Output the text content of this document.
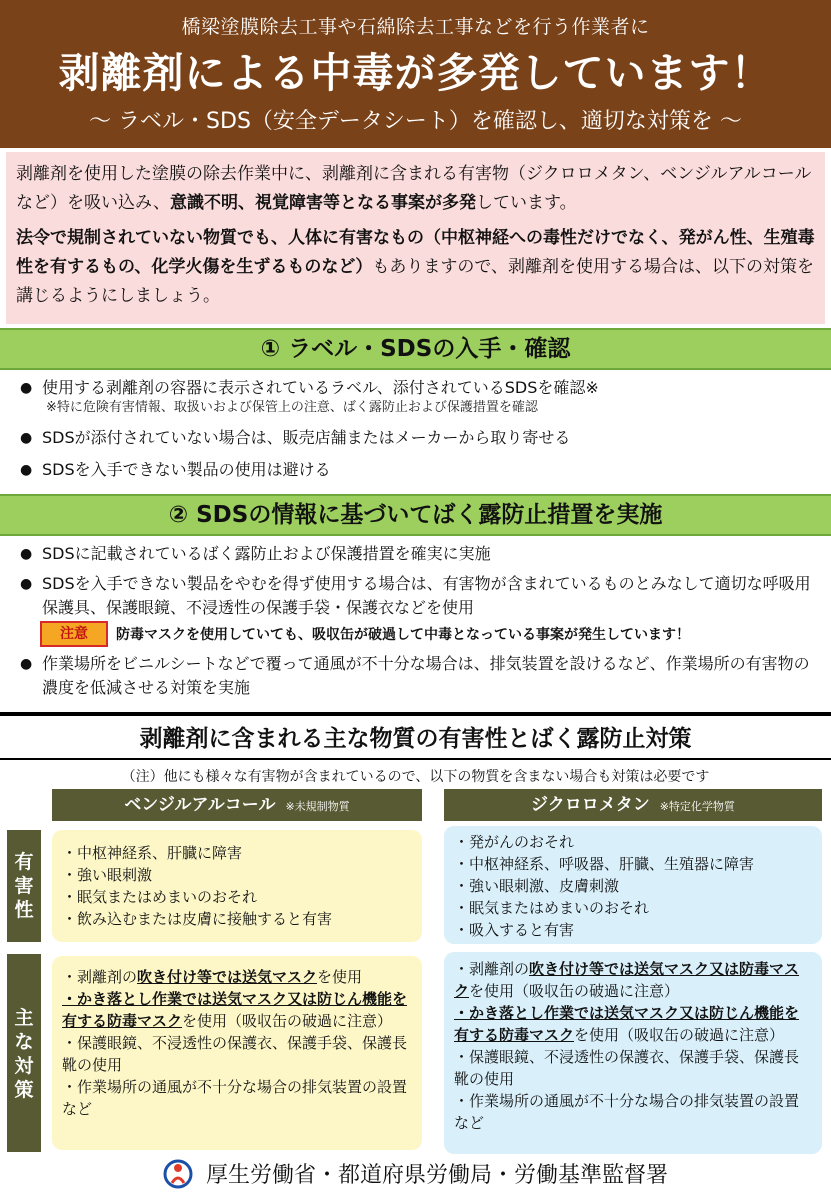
橋梁塗膜除去工事や石綿除去工事などを行う作業者に
剥離剤による中毒が多発しています！
～ ラベル・SDS（安全データシート）を確認し、適切な対策を ～

剥離剤を使用した塗膜の除去作業中に、剥離剤に含まれる有害物（ジクロロメタン、ベンジルアルコールなど）を吸い込み、意識不明、視覚障害等となる事案が多発しています。

法令で規制されていない物質でも、人体に有害なもの（中枢神経への毒性だけでなく、発がん性、生殖毒性を有するもの、化学火傷を生ずるものなど）もありますので、剥離剤を使用する場合は、以下の対策を講じるようにしましょう。

① ラベル・SDSの入手・確認
● 使用する剥離剤の容器に表示されているラベル、添付されているSDSを確認※
※特に危険有害情報、取扱いおよび保管上の注意、ばく露防止および保護措置を確認
● SDSが添付されていない場合は、販売店舗またはメーカーから取り寄せる
● SDSを入手できない製品の使用は避ける
② SDSの情報に基づいてばく露防止措置を実施
● SDSに記載されているばく露防止および保護措置を確実に実施
● SDSを入手できない製品をやむを得ず使用する場合は、有害物が含まれているものとみなして適切な呼吸用保護具、保護眼鏡、不浸透性の保護手袋・保護衣などを使用
注意	防毒マスクを使用していても、吸収缶が破過して中毒となっている事案が発生しています！
● 作業場所をビニルシートなどで覆って通風が不十分な場合は、排気装置を設けるなど、作業場所の有害物の濃度を低減させる対策を実施
剥離剤に含まれる主な物質の有害性とばく露防止対策
（注）他にも様々な有害物が含まれているので、以下の物質を含まない場合も対策は必要です
ベンジルアルコール ※未規制物質	ジクロロメタン ※特定化学物質
有
害
性
主
な
対
策
・中枢神経系、肝臓に障害
・強い眼刺激
・眠気またはめまいのおそれ
・飲み込むまたは皮膚に接触すると有害
・発がんのおそれ
・中枢神経系、呼吸器、肝臓、生殖器に障害
・強い眼刺激、皮膚刺激
・眠気またはめまいのおそれ
・吸入すると有害
・剥離剤の吹き付け等では送気マスクを使用
・かき落とし作業では送気マスク又は防じん機能を有する防毒マスクを使用（吸収缶の破過に注意）
・保護眼鏡、不浸透性の保護衣、保護手袋、保護長靴の使用
・作業場所の通風が不十分な場合の排気装置の設置など
・剥離剤の吹き付け等では送気マスク又は防毒マスクを使用（吸収缶の破過に注意）
・かき落とし作業では送気マスク又は防じん機能を有する防毒マスクを使用（吸収缶の破過に注意）
・保護眼鏡、不浸透性の保護衣、保護手袋、保護長靴の使用
・作業場所の通風が不十分な場合の排気装置の設置など
厚生労働省・都道府県労働局・労働基準監督署
